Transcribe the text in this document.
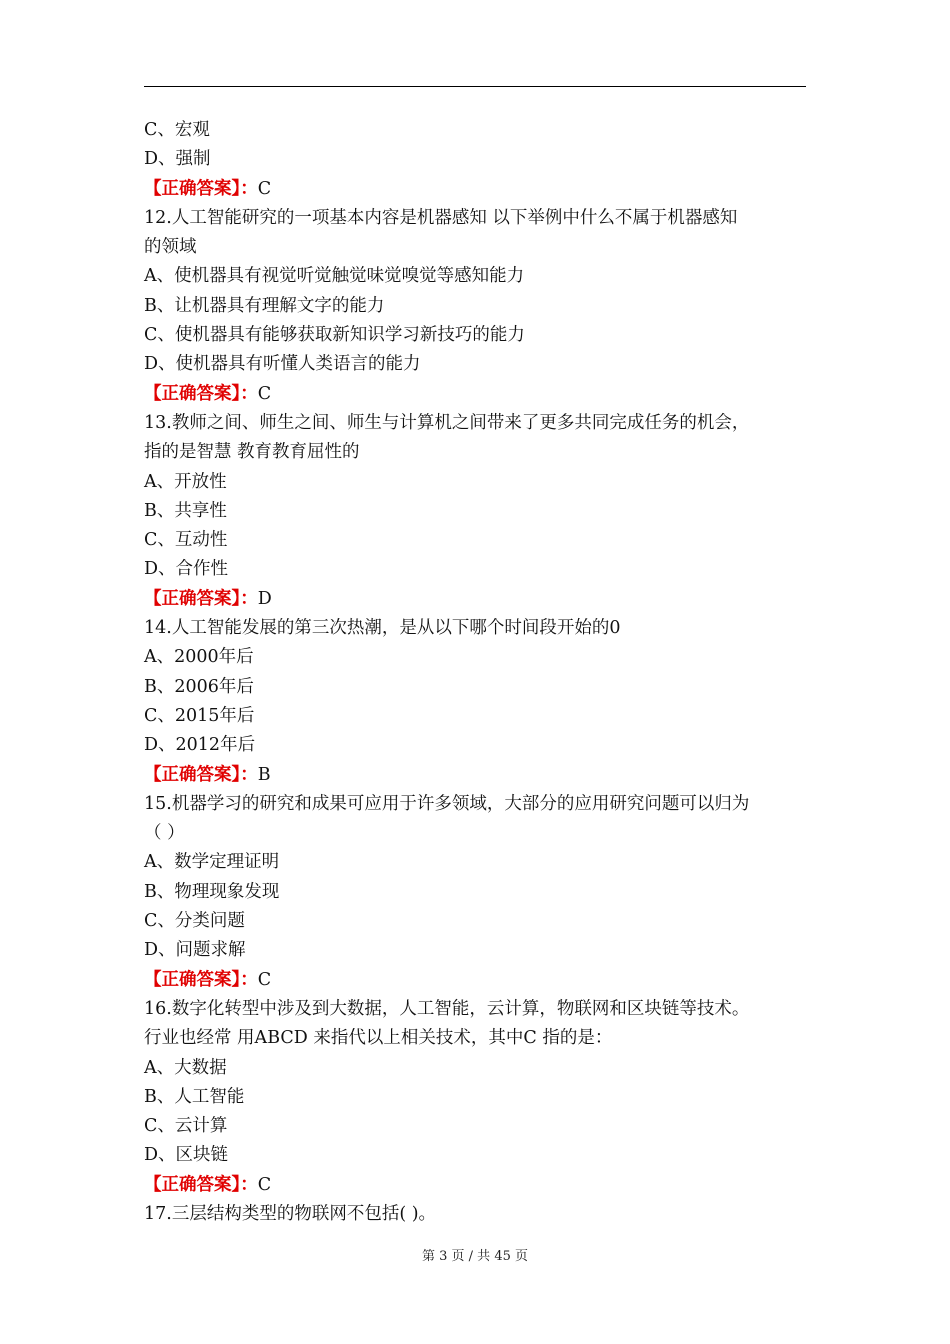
C、宏观
D、强制
【正确答案】：C
12.人工智能研究的一项基本内容是机器感知 以下举例中什么不属于机器感知
的领域
A、使机器具有视觉听觉触觉味觉嗅觉等感知能力
B、让机器具有理解文字的能力
C、使机器具有能够获取新知识学习新技巧的能力
D、使机器具有听懂人类语言的能力
【正确答案】：C
13.教师之间、师生之间、师生与计算机之间带来了更多共同完成任务的机会，
指的是智慧 教育教育屈性的
A、开放性
B、共享性
C、互动性
D、合作性
【正确答案】：D
14.人工智能发展的第三次热潮，是从以下哪个时间段开始的0
A、2000年后
B、2006年后
C、2015年后
D、2012年后
【正确答案】：B
15.机器学习的研究和成果可应用于许多领域，大部分的应用研究问题可以归为
（ ）
A、数学定理证明
B、物理现象发现
C、分类问题
D、问题求解
【正确答案】：C
16.数字化转型中涉及到大数据，人工智能，云计算，物联网和区块链等技术。
行业也经常 用ABCD 来指代以上相关技术，其中C 指的是：
A、大数据
B、人工智能
C、云计算
D、区块链
【正确答案】：C
17.三层结构类型的物联网不包括( )。
第 3 页 / 共 45 页
